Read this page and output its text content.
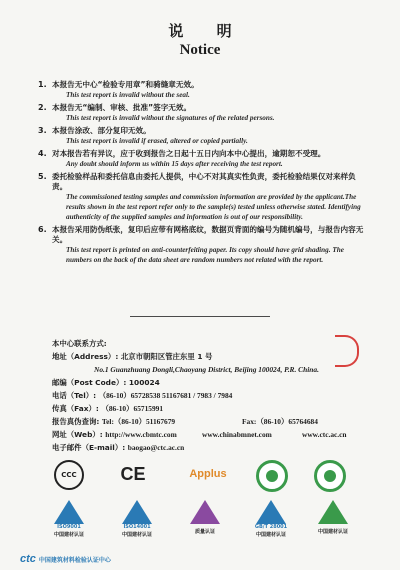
说 明
Notice
1. 本报告无中心“检验专用章”和骑缝章无效。
This test report is invalid without the seal.
2. 本报告无“编制、审核、批准”签字无效。
This test report is invalid without the signatures of the related persons.
3. 本报告涂改、部分复印无效。
This test report is invalid if erased, altered or copied partially.
4. 对本报告若有异议，应于收到报告之日起十五日内向本中心提出，逾期恕不受理。
Any doubt should inform us within 15 days after receiving the test report.
5. 委托检验样品和委托信息由委托人提供，中心不对其真实性负责，委托检验结果仅对来样负责。
The commissioned testing samples and commission information are provided by the applicant.The results shown in the test report refer only to the sample(s) tested unless otherwise stated. Identifying authenticity of the supplied samples and information is out of our responsibility.
6. 本报告采用防伪纸张，复印后应带有网格底纹，数据页背面的编号为随机编号，与报告内容无关。
This test report is printed on anti-counterfeiting paper. Its copy should have grid shading. The numbers on the back of the data sheet are random numbers not related with the report.
本中心联系方式:
地址（Address）: 北京市朝阳区管庄东里 1 号
No.1 Guanzhuang Dongli,Chaoyang District, Beijing 100024, P.R. China.
邮编（Post Code）: 100024
电话（Tel）: （86-10）65728538 51167681 / 7983 / 7984
传真（Fax）: （86-10）65715991
报告真伪查询: Tel:（86-10）51167679	Fax:（86-10）65764684
网址（Web）: http://www.cbmtc.com	www.chinabmnet.com	www.ctc.ac.cn
电子邮件（E-mail）: baogao@ctc.ac.cn
CCC CE	Applus
ISO9001
中国建材认证
ISO14001
中国建材认证	质量认证
GB/T 28001
中国建材认证	中国建材认证
ctc 中国建筑材料检验认证中心
